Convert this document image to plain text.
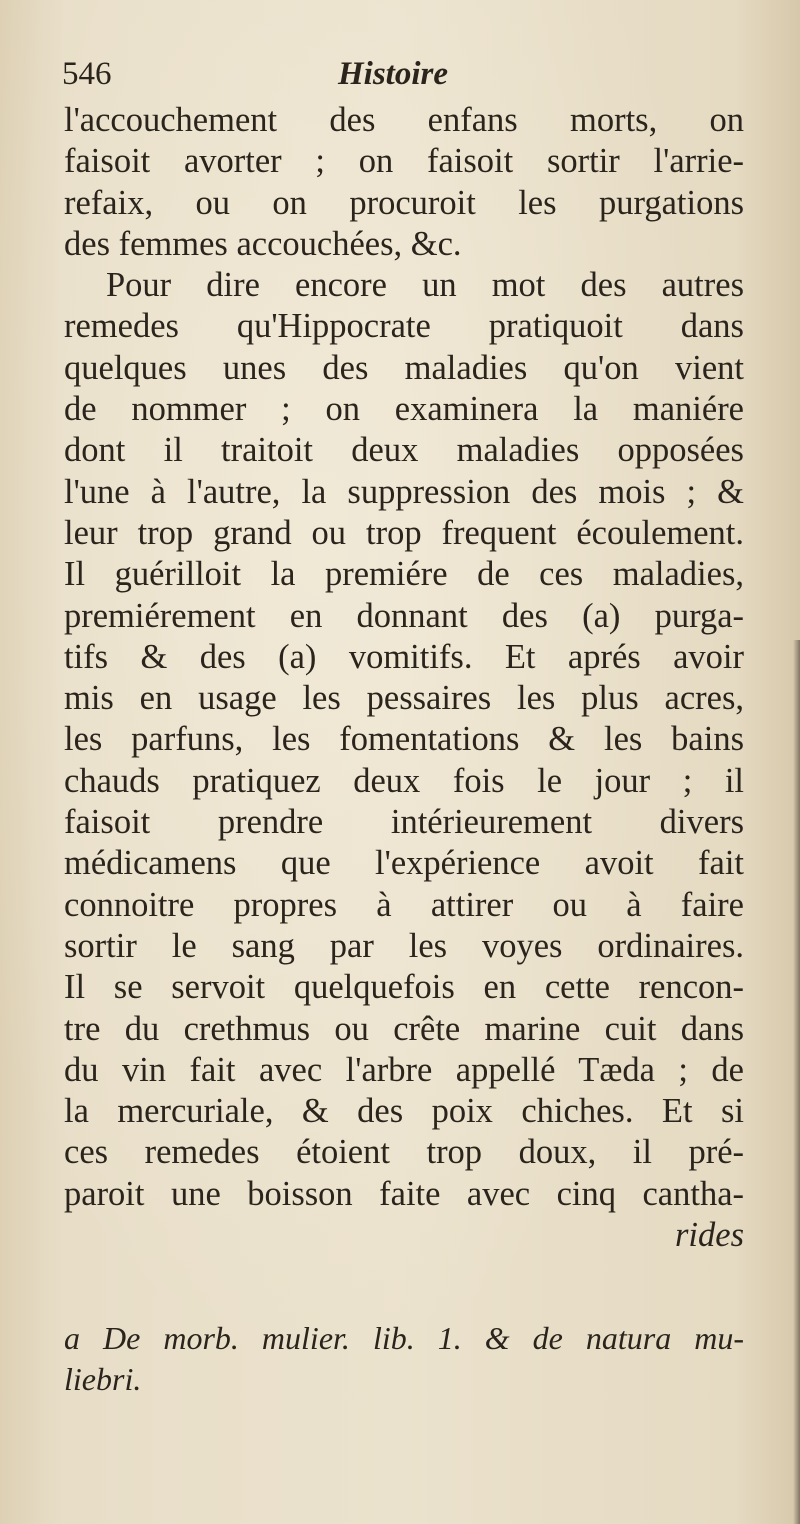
546	Histoire
l'accouchement des enfans morts, on
faisoit avorter ; on faisoit sortir l'arrie-
refaix, ou on procuroit les purgations
des femmes accouchées, &c.
Pour dire encore un mot des autres
remedes qu'Hippocrate pratiquoit dans
quelques unes des maladies qu'on vient
de nommer ; on examinera la maniére
dont il traitoit deux maladies opposées
l'une à l'autre, la suppression des mois ; &
leur trop grand ou trop frequent écoulement.
Il guérilloit la premiére de ces maladies,
premiérement en donnant des (a) purga-
tifs & des (a) vomitifs. Et aprés avoir
mis en usage les pessaires les plus acres,
les parfuns, les fomentations & les bains
chauds pratiquez deux fois le jour ; il
faisoit prendre intérieurement divers
médicamens que l'expérience avoit fait
connoitre propres à attirer ou à faire
sortir le sang par les voyes ordinaires.
Il se servoit quelquefois en cette rencon-
tre du crethmus ou crête marine cuit dans
du vin fait avec l'arbre appellé Tæda ; de
la mercuriale, & des poix chiches. Et si
ces remedes étoient trop doux, il pré-
paroit une boisson faite avec cinq cantha-
rides
a De morb. mulier. lib. 1. & de natura mu-
liebri.
